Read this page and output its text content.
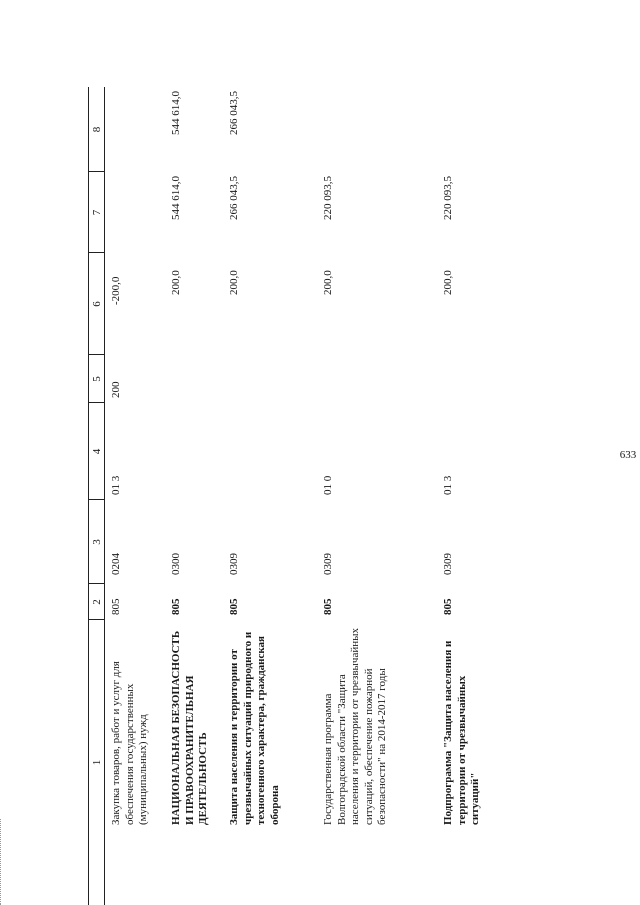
633
1
2
3
4
5
6
7
8
Закупка товаров, работ и услуг для обеспечения государственных (муниципальных) нужд
805
0204
01 3
200
-200,0
НАЦИОНАЛЬНАЯ БЕЗОПАСНОСТЬ И ПРАВООХРАНИТЕЛЬНАЯ ДЕЯТЕЛЬНОСТЬ
805
0300
200,0
544 614,0
544 614,0
Защита населения и территории от чрезвычайных ситуаций природного и техногенного характера, гражданская оборона
805
0309
200,0
266 043,5
266 043,5
Государственная программа Волгоградской области "Защита населения и территории от чрезвычайных ситуаций, обеспечение пожарной безопасности" на 2014-2017 годы
805
0309
01 0
200,0
220 093,5
Подпрограмма "Защита населения и территории от чрезвычайных ситуаций"
805
0309
01 3
200,0
220 093,5
